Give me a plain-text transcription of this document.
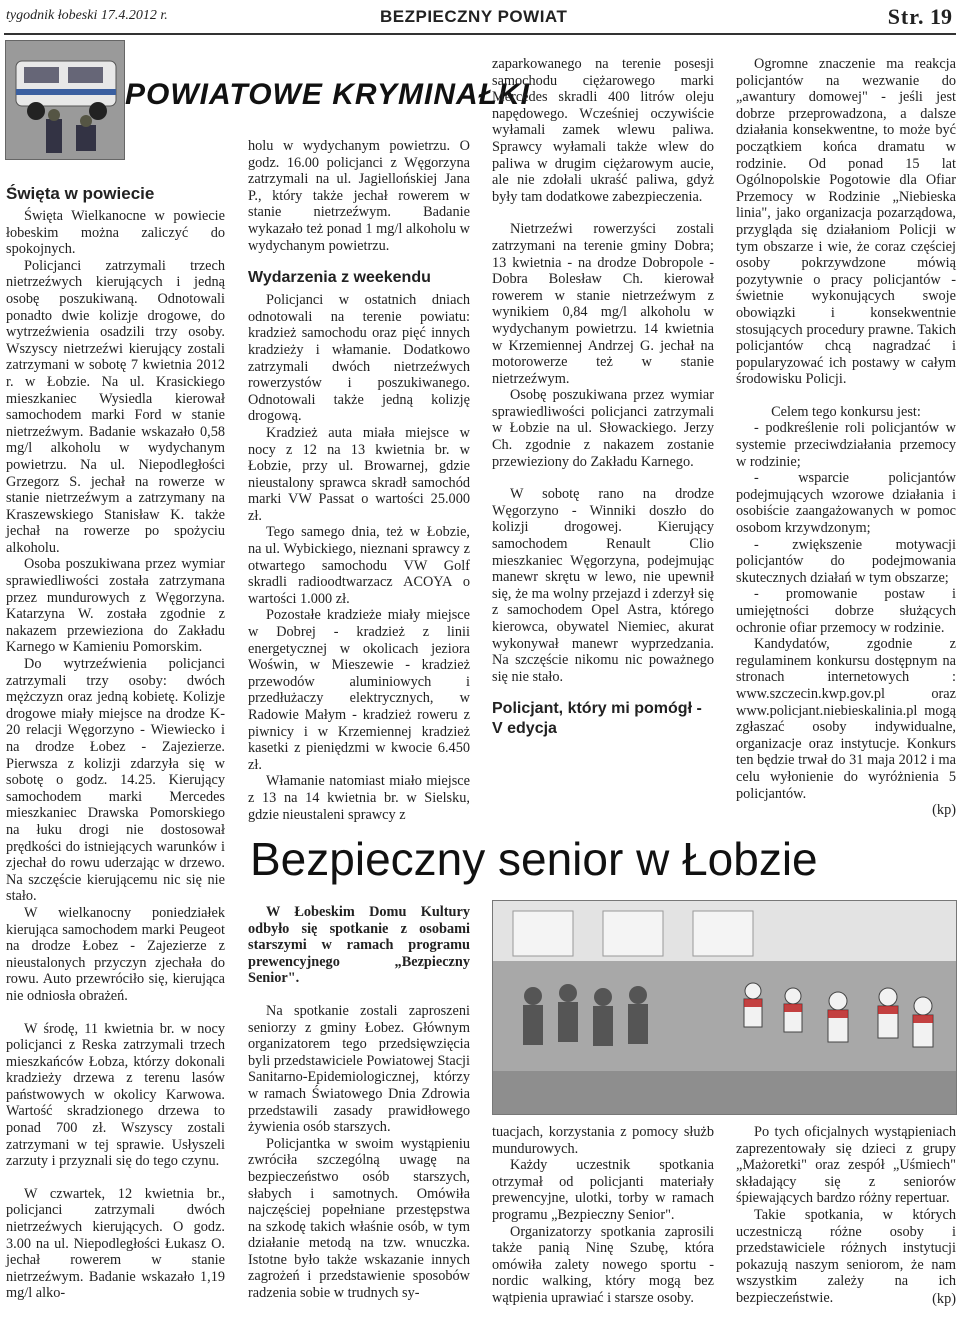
tygodnik łobeski 17.4.2012 r.	BEZPIECZNY POWIAT	Str. 19
POWIATOWE KRYMINAŁKI
Święta w powiecie

Święta Wielkanocne w powiecie łobeskim można zaliczyć do spokojnych.

Policjanci zatrzymali trzech nietrzeźwych kierujących i jedną osobę poszukiwaną. Odnotowali ponadto dwie kolizje drogowe, do wytrzeźwienia osadzili trzy osoby. Wszyscy nietrzeźwi kierujący zostali zatrzymani w sobotę 7 kwietnia 2012 r. w Łobzie. Na ul. Krasickiego mieszkaniec Wysiedla kierował samochodem marki Ford w stanie nietrzeźwym. Badanie wskazało 0,58 mg/l alkoholu w wydychanym powietrzu. Na ul. Niepodległości Grzegorz S. jechał na rowerze w stanie nietrzeźwym a zatrzymany na Kraszewskiego Stanisław K. także jechał na rowerze po spożyciu alkoholu.

Osoba poszukiwana przez wymiar sprawiedliwości została zatrzymana przez mundurowych z Węgorzyna. Katarzyna W. została zgodnie z nakazem przewieziona do Zakładu Karnego w Kamieniu Pomorskim.

Do wytrzeźwienia policjanci zatrzymali trzy osoby: dwóch mężczyzn oraz jedną kobietę. Kolizje drogowe miały miejsce na drodze K-20 relacji Węgorzyno - Wiewiecko i na drodze Łobez - Zajezierze. Pierwsza z kolizji zdarzyła się w sobotę o godz. 14.25. Kierujący samochodem marki Mercedes mieszkaniec Drawska Pomorskiego na łuku drogi nie dostosował prędkości do istniejących warunków i zjechał do rowu uderzając w drzewo. Na szczęście kierującemu nic się nie stało.

W wielkanocny poniedziałek kierująca samochodem marki Peugeot na drodze Łobez - Zajezierze z nieustalonych przyczyn zjechała do rowu. Auto przewróciło się, kierująca nie odniosła obrażeń.

W środę, 11 kwietnia br. w nocy policjanci z Reska zatrzymali trzech mieszkańców Łobza, którzy dokonali kradzieży drzewa z terenu lasów państwowych w okolicy Karwowa. Wartość skradzionego drzewa to ponad 700 zł. Wszyscy zostali zatrzymani w tej sprawie. Usłyszeli zarzuty i przyznali się do tego czynu.

W czwartek, 12 kwietnia br., policjanci zatrzymali dwóch nietrzeźwych kierujących. O godz. 3.00 na ul. Niepodległości Łukasz O. jechał rowerem w stanie nietrzeźwym. Badanie wskazało 1,19 mg/l alko-

holu w wydychanym powietrzu. O godz. 16.00 policjanci z Węgorzyna zatrzymali na ul. Jagiellońskiej Jana P., który także jechał rowerem w stanie nietrzeźwym. Badanie wykazało też ponad 1 mg/l alkoholu w wydychanym powietrzu.

Wydarzenia z weekendu

Policjanci w ostatnich dniach odnotowali na terenie powiatu: kradzież samochodu oraz pięć innych kradzieży i włamanie. Dodatkowo zatrzymali dwóch nietrzeźwych rowerzystów i poszukiwanego. Odnotowali także jedną kolizję drogową.

Kradzież auta miała miejsce w nocy z 12 na 13 kwietnia br. w Łobzie, przy ul. Browarnej, gdzie nieustalony sprawca skradł samochód marki VW Passat o wartości 25.000 zł.

Tego samego dnia, też w Łobzie, na ul. Wybickiego, nieznani sprawcy z otwartego samochodu VW Golf skradli radioodtwarzacz ACOYA o wartości 1.000 zł.

Pozostałe kradzieże miały miejsce w Dobrej - kradzież z linii energetycznej w okolicach jeziora Woświn, w Mieszewie - kradzież przewodów aluminiowych i przedłużaczy elektrycznych, w Radowie Małym - kradzież roweru z piwnicy i w Krzemiennej kradzież kasetki z pieniędzmi w kwocie 6.450 zł.

Włamanie natomiast miało miejsce z 13 na 14 kwietnia br. w Sielsku, gdzie nieustaleni sprawcy z

zaparkowanego na terenie posesji samochodu ciężarowego marki Mercedes skradli 400 litrów oleju napędowego. Wcześniej oczywiście wyłamali zamek wlewu paliwa. Sprawcy wyłamali także wlew do paliwa w drugim ciężarowym aucie, ale nie zdołali ukraść paliwa, gdyż były tam dodatkowe zabezpieczenia.

Nietrzeźwi rowerzyści zostali zatrzymani na terenie gminy Dobra; 13 kwietnia - na drodze Dobropole - Dobra Bolesław Ch. kierował rowerem w stanie nietrzeźwym z wynikiem 0,84 mg/l alkoholu w wydychanym powietrzu. 14 kwietnia w Krzemiennej Andrzej G. jechał na motorowerze też w stanie nietrzeźwym.

Osobę poszukiwana przez wymiar sprawiedliwości policjanci zatrzymali w Łobzie na ul. Słowackiego. Jerzy Ch. zgodnie z nakazem zostanie przewieziony do Zakładu Karnego.

W sobotę rano na drodze Węgorzyno - Winniki doszło do kolizji drogowej. Kierujący samochodem Renault Clio mieszkaniec Węgorzyna, podejmując manewr skrętu w lewo, nie upewnił się, że ma wolny przejazd i zderzył się z samochodem Opel Astra, którego kierowca, obywatel Niemiec, akurat wykonywał manewr wyprzedzania. Na szczęście nikomu nic poważnego się nie stało.

Policjant, który mi pomógł - V edycja

Ogromne znaczenie ma reakcja policjantów na wezwanie do „awantury domowej" - jeśli jest dobrze przeprowadzona, a dalsze działania konsekwentne, to może być początkiem końca dramatu w rodzinie. Od ponad 15 lat Ogólnopolskie Pogotowie dla Ofiar Przemocy w Rodzinie „Niebieska linia", jako organizacja pozarządowa, przygląda się działaniom Policji w tym obszarze i wie, że coraz częściej osoby pokrzywdzone mówią pozytywnie o pracy policjantów - świetnie wykonujących swoje obowiązki i konsekwentnie stosujących procedury prawne. Takich policjantów chcą nagradzać i popularyzować ich postawy w całym środowisku Policji.

Celem tego konkursu jest:

- podkreślenie roli policjantów w systemie przeciwdziałania przemocy w rodzinie;

- wsparcie policjantów podejmujących wzorowe działania i osobiście zaangażowanych w pomoc osobom krzywdzonym;

- zwiększenie motywacji policjantów do podejmowania skutecznych działań w tym obszarze;

- promowanie postaw i umiejętności dobrze służących ochronie ofiar przemocy w rodzinie.

Kandydatów, zgodnie z regulaminem konkursu dostępnym na stronach internetowych : www.szczecin.kwp.gov.pl oraz www.policjant.niebieskalinia.pl mogą zgłaszać osoby indywidualne, organizacje oraz instytucje. Konkurs ten będzie trwał do 31 maja 2012 i ma celu wyłonienie do wyróżnienia 5 policjantów.

(kp)
Bezpieczny senior w Łobzie

W Łobeskim Domu Kultury odbyło się spotkanie z osobami starszymi w ramach programu prewencyjnego „Bezpieczny Senior".

Na spotkanie zostali zaproszeni seniorzy z gminy Łobez. Głównym organizatorem tego przedsięwzięcia byli przedstawiciele Powiatowej Stacji Sanitarno-Epidemiologicznej, którzy w ramach Światowego Dnia Zdrowia przedstawili zasady prawidłowego żywienia osób starszych.

Policjantka w swoim wystąpieniu zwróciła szczególną uwagę na bezpieczeństwo osób starszych, słabych i samotnych. Omówiła najczęściej popełniane przestępstwa na szkodę takich właśnie osób, w tym działanie metodą na tzw. wnuczka. Istotne było także wskazanie innych zagrożeń i przedstawienie sposobów radzenia sobie w trudnych sy-

tuacjach, korzystania z pomocy służb mundurowych.

Każdy uczestnik spotkania otrzymał od policjanti materiały prewencyjne, ulotki, torby w ramach programu „Bezpieczny Senior".

Organizatorzy spotkania zaprosili także panią Ninę Szubę, która omówiła zalety nowego sportu - nordic walking, który mogą bez wątpienia uprawiać i starsze osoby.

Po tych oficjalnych wystąpieniach zaprezentowały się dzieci z grupy „Mażoretki" oraz zespół „Uśmiech" składający się z seniorów śpiewających bardzo różny repertuar.

Takie spotkania, w których uczestniczą różne osoby i przedstawiciele różnych instytucji pokazują naszym seniorom, że nam wszystkim zależy na ich bezpieczeństwie.	(kp)
